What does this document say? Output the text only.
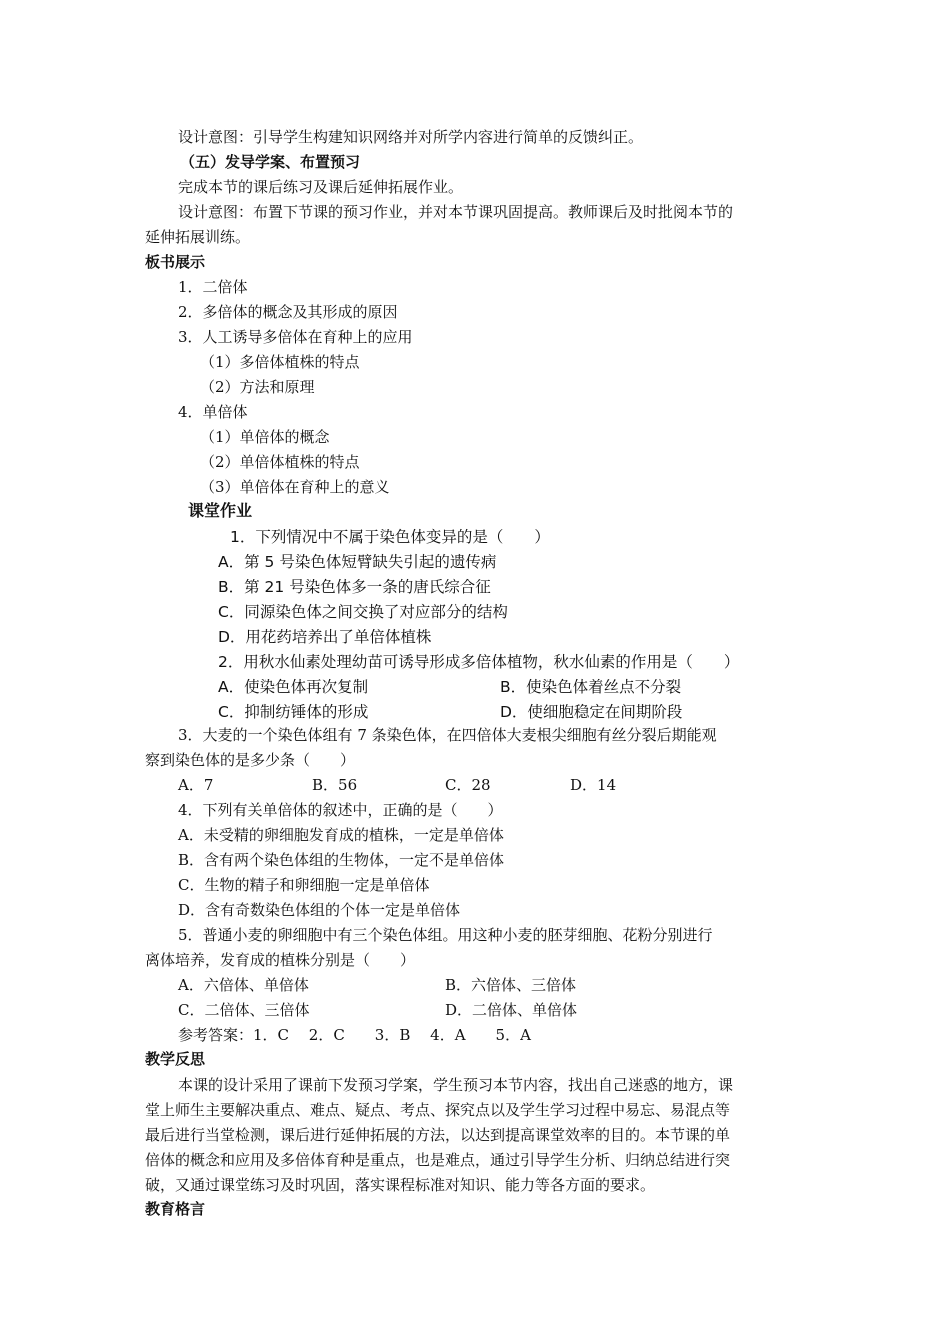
设计意图：引导学生构建知识网络并对所学内容进行简单的反馈纠正。
（五）发导学案、布置预习
完成本节的课后练习及课后延伸拓展作业。
设计意图：布置下节课的预习作业，并对本节课巩固提高。教师课后及时批阅本节的
延伸拓展训练。
板书展示
1．二倍体
2．多倍体的概念及其形成的原因
3．人工诱导多倍体在育种上的应用
（1）多倍体植株的特点
（2）方法和原理
4．单倍体
（1）单倍体的概念
（2）单倍体植株的特点
（3）单倍体在育种上的意义
课堂作业
1．下列情况中不属于染色体变异的是（　　）
A．第 5 号染色体短臂缺失引起的遗传病
B．第 21 号染色体多一条的唐氏综合征
C．同源染色体之间交换了对应部分的结构
D．用花药培养出了单倍体植株
2．用秋水仙素处理幼苗可诱导形成多倍体植物，秋水仙素的作用是（　　）
A．使染色体再次复制	B．使染色体着丝点不分裂
C．抑制纺锤体的形成	D．使细胞稳定在间期阶段
3．大麦的一个染色体组有 7 条染色体，在四倍体大麦根尖细胞有丝分裂后期能观
察到染色体的是多少条（　　）
A．7	B．56	C．28	D．14
4．下列有关单倍体的叙述中，正确的是（　　）
A．未受精的卵细胞发育成的植株，一定是单倍体
B．含有两个染色体组的生物体，一定不是单倍体
C．生物的精子和卵细胞一定是单倍体
D．含有奇数染色体组的个体一定是单倍体
5．普通小麦的卵细胞中有三个染色体组。用这种小麦的胚芽细胞、花粉分别进行
离体培养，发育成的植株分别是（　　）
A．六倍体、单倍体	B．六倍体、三倍体
C．二倍体、三倍体	D．二倍体、单倍体
参考答案：1．C　 2．C　　3．B　 4．A　　5．A
教学反思
本课的设计采用了课前下发预习学案，学生预习本节内容，找出自己迷惑的地方，课
堂上师生主要解决重点、难点、疑点、考点、探究点以及学生学习过程中易忘、易混点等
最后进行当堂检测，课后进行延伸拓展的方法，以达到提高课堂效率的目的。本节课的单
倍体的概念和应用及多倍体育种是重点，也是难点，通过引导学生分析、归纳总结进行突
破，又通过课堂练习及时巩固，落实课程标准对知识、能力等各方面的要求。
教育格言
